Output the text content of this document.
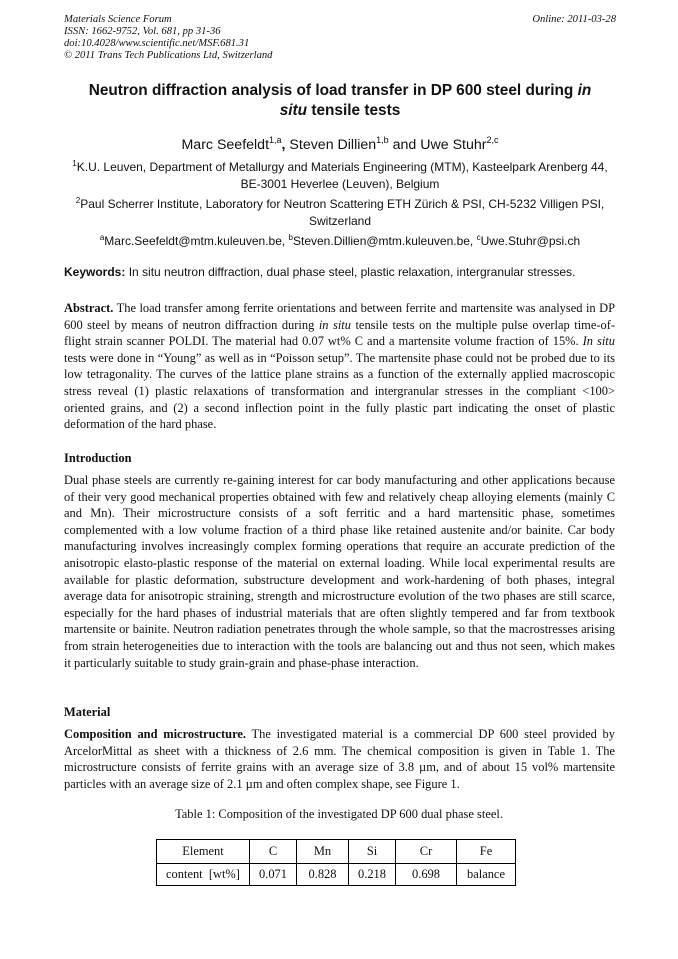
Materials Science Forum
ISSN: 1662-9752, Vol. 681, pp 31-36
doi:10.4028/www.scientific.net/MSF.681.31
© 2011 Trans Tech Publications Ltd, Switzerland
Online: 2011-03-28
Neutron diffraction analysis of load transfer in DP 600 steel during in
situ tensile tests
Marc Seefeldt$^{1,a}$, Steven Dillien$^{1,b}$ and Uwe Stuhr$^{2,c}$
$^1$K.U. Leuven, Department of Metallurgy and Materials Engineering (MTM), Kasteelpark Arenberg 44, BE-3001 Heverlee (Leuven), Belgium
$^2$Paul Scherrer Institute, Laboratory for Neutron Scattering ETH Zürich & PSI, CH-5232 Villigen PSI, Switzerland
$^a$Marc.Seefeldt@mtm.kuleuven.be, $^b$Steven.Dillien@mtm.kuleuven.be, $^c$Uwe.Stuhr@psi.ch
Keywords: In situ neutron diffraction, dual phase steel, plastic relaxation, intergranular stresses.
Abstract. The load transfer among ferrite orientations and between ferrite and martensite was analysed in DP 600 steel by means of neutron diffraction during in situ tensile tests on the multiple pulse overlap time-of-flight strain scanner POLDI. The material had 0.07 wt% C and a martensite volume fraction of 15%. In situ tests were done in “Young” as well as in “Poisson setup”. The martensite phase could not be probed due to its low tetragonality. The curves of the lattice plane strains as a function of the externally applied macroscopic stress reveal (1) plastic relaxations of transformation and intergranular stresses in the compliant <100> oriented grains, and (2) a second inflection point in the fully plastic part indicating the onset of plastic deformation of the hard phase.
Introduction
Dual phase steels are currently re-gaining interest for car body manufacturing and other applications because of their very good mechanical properties obtained with few and relatively cheap alloying elements (mainly C and Mn). Their microstructure consists of a soft ferritic and a hard martensitic phase, sometimes complemented with a low volume fraction of a third phase like retained austenite and/or bainite. Car body manufacturing involves increasingly complex forming operations that require an accurate prediction of the anisotropic elasto-plastic response of the material on external loading. While local experimental results are available for plastic deformation, substructure development and work-hardening of both phases, integral average data for anisotropic straining, strength and microstructure evolution of the two phases are still scarce, especially for the hard phases of industrial materials that are often slightly tempered and far from textbook martensite or bainite. Neutron radiation penetrates through the whole sample, so that the macrostresses arising from strain heterogeneities due to interaction with the tools are balancing out and thus not seen, which makes it particularly suitable to study grain-grain and phase-phase interaction.
Material
Composition and microstructure. The investigated material is a commercial DP 600 steel provided by ArcelorMittal as sheet with a thickness of 2.6 mm. The chemical composition is given in Table 1. The microstructure consists of ferrite grains with an average size of 3.8 µm, and of about 15 vol% martensite particles with an average size of 2.1 µm and often complex shape, see Figure 1.
Table 1: Composition of the investigated DP 600 dual phase steel.
Element	C	Mn	Si	Cr	Fe
content  [wt%]	0.071	0.828	0.218	0.698	balance
